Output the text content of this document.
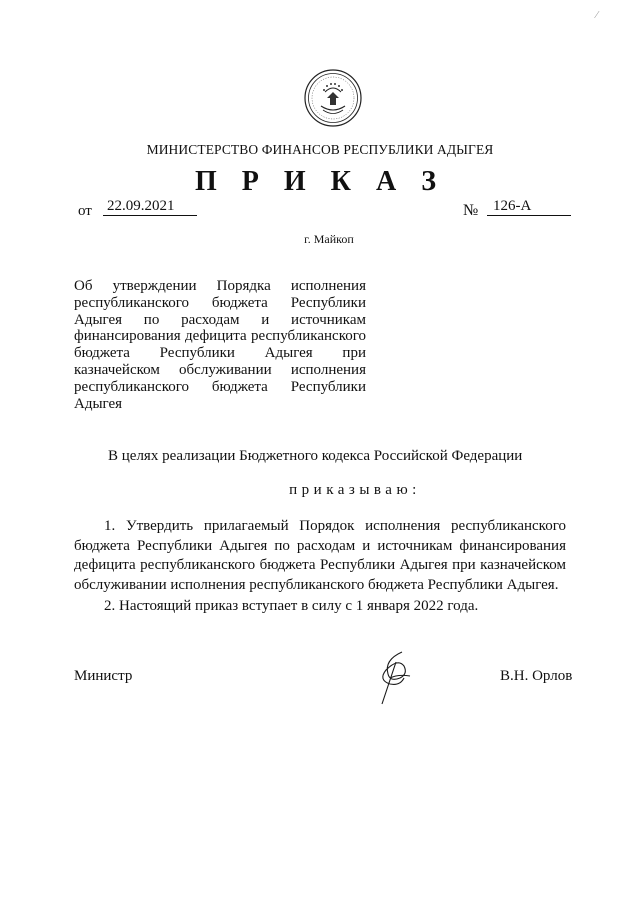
МИНИСТЕРСТВО ФИНАНСОВ РЕСПУБЛИКИ АДЫГЕЯ
П Р И К А З
от 22.09.2021	№ 126-А
г. Майкоп
Об утверждении Порядка исполнения республиканского бюджета Республики Адыгея по расходам и источникам финансирования дефицита республиканского бюджета Республики Адыгея при казначейском обслуживании исполнения республиканского бюджета Республики Адыгея
В целях реализации Бюджетного кодекса Российской Федерации
приказываю:

1. Утвердить прилагаемый Порядок исполнения республиканского бюджета Республики Адыгея по расходам и источникам финансирования дефицита республиканского бюджета Республики Адыгея при казначейском обслуживании исполнения республиканского бюджета Республики Адыгея.

2. Настоящий приказ вступает в силу с 1 января 2022 года.

Министр	В.Н. Орлов
⁄
